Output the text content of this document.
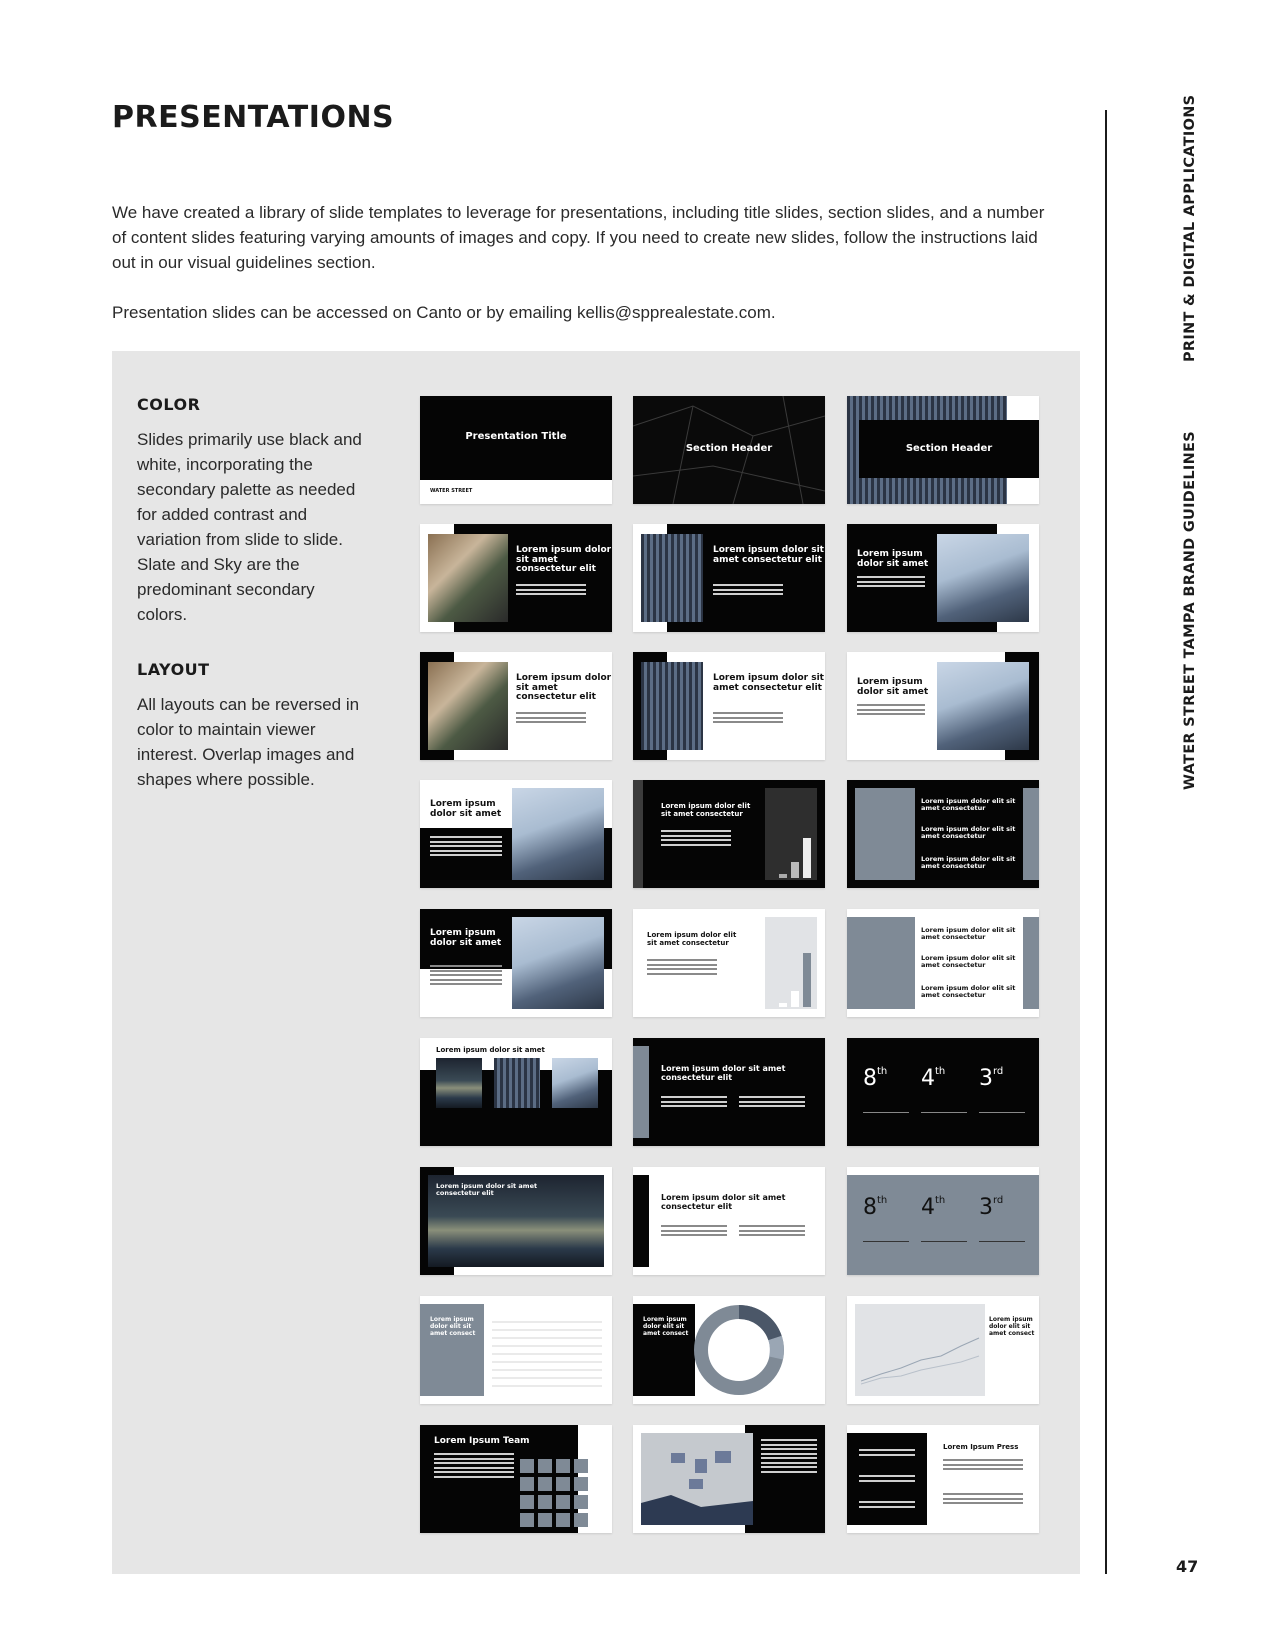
PRESENTATIONS

We have created a library of slide templates to leverage for presentations, including title slides, section slides, and a number of content slides featuring varying amounts of images and copy. If you need to create new slides, follow the instructions laid out in our visual guidelines section.

Presentation slides can be accessed on Canto or by emailing kellis@spprealestate.com.	PRINT & DIGITAL APPLICATIONS
WATER STREET TAMPA BRAND GUIDELINES
47
COLOR

Slides primarily use black and white, incorporating the secondary palette as needed for added contrast and variation from slide to slide. Slate and Sky are the predominant secondary colors.

LAYOUT

All layouts can be reversed in color to maintain viewer interest. Overlap images and shapes where possible.

Presentation Title
WATER STREET
Section Header	Section Header
Lorem ipsum dolor sit amet consectetur elit
Lorem ipsum dolor sit amet consectetur elit
Lorem ipsum dolor sit amet
Lorem ipsum dolor sit amet consectetur elit
Lorem ipsum dolor sit amet consectetur elit
Lorem ipsum dolor sit amet
Lorem ipsum dolor sit amet
Lorem ipsum dolor elit sit amet consectetur
Lorem ipsum dolor elit sit amet consectetur
Lorem ipsum dolor elit sit amet consectetur
Lorem ipsum dolor elit sit amet consectetur
Lorem ipsum dolor sit amet
Lorem ipsum dolor elit sit amet consectetur
Lorem ipsum dolor elit sit amet consectetur
Lorem ipsum dolor elit sit amet consectetur
Lorem ipsum dolor elit sit amet consectetur
Lorem ipsum dolor sit amet
Lorem ipsum dolor sit amet consectetur elit	8th 4th 3rd
Lorem ipsum dolor sit amet consectetur elit	Lorem ipsum dolor sit amet consectetur elit	8th 4th 3rd
Lorem ipsum dolor elit sit amet consect
Lorem ipsum dolor elit sit amet consect
Lorem ipsum dolor elit sit amet consect
Lorem Ipsum Team
Lorem Ipsum Press
